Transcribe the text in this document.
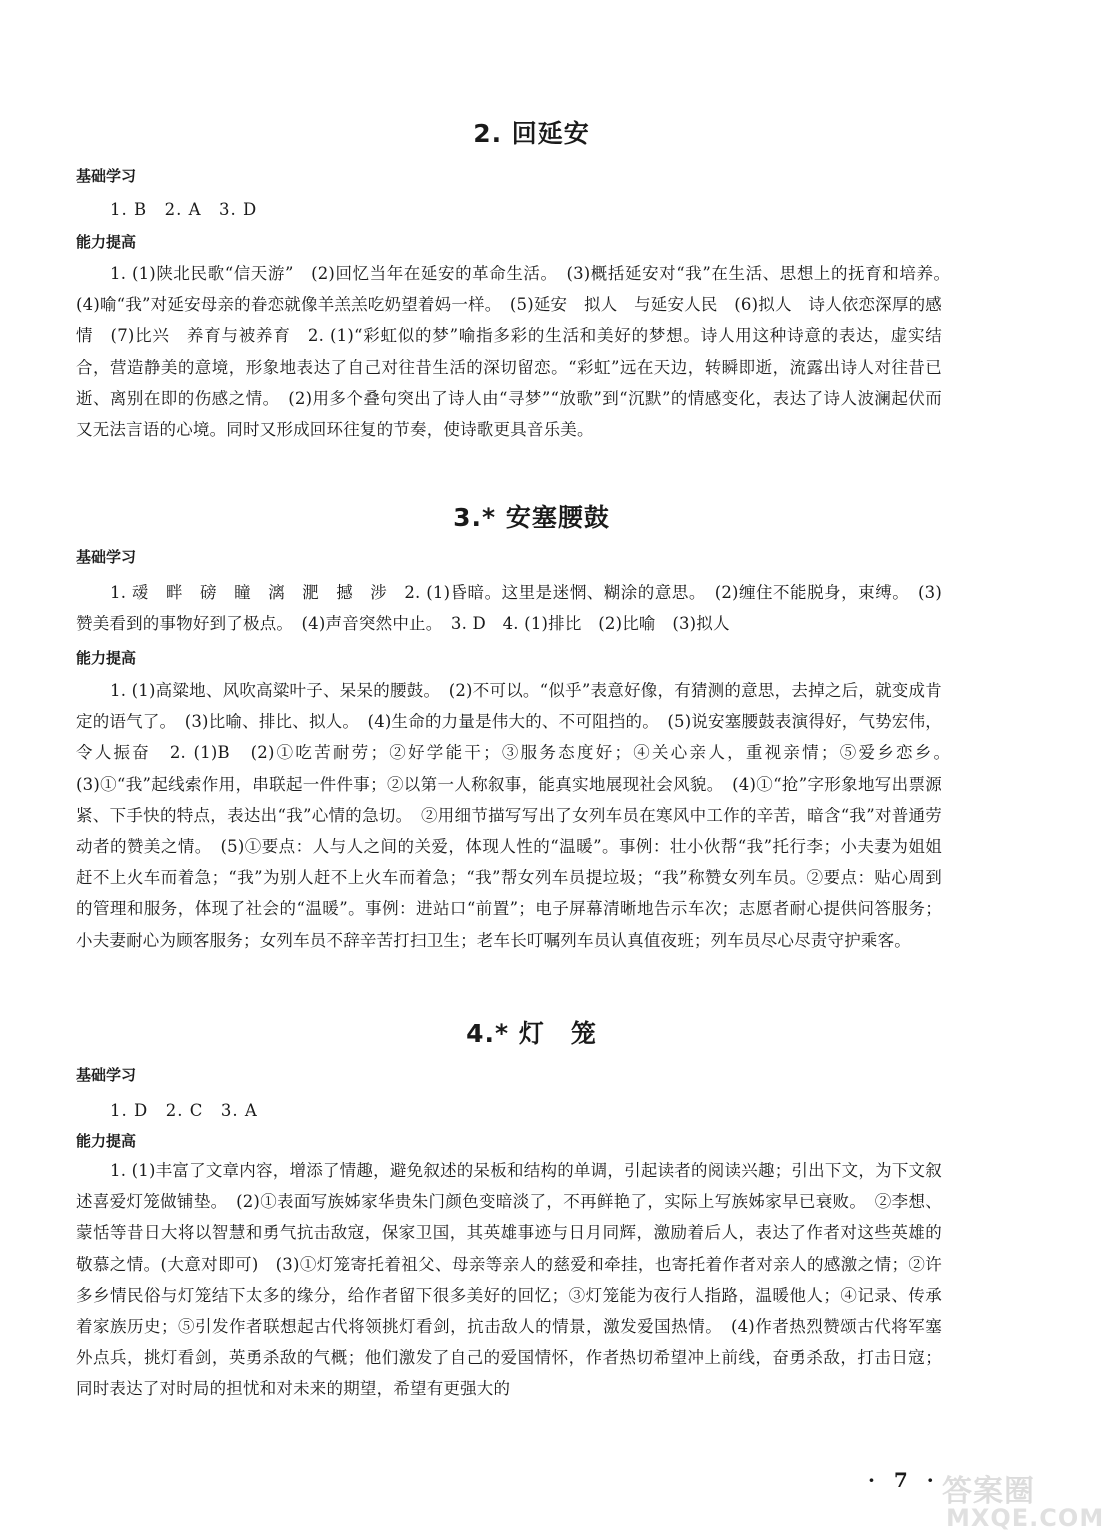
2. 回延安
基础学习
1. B　2. A　3. D
能力提高

1. (1)陕北民歌“信天游”　(2)回忆当年在延安的革命生活。　(3)概括延安对“我”在生活、思想上的抚育和培养。　(4)喻“我”对延安母亲的眷恋就像羊羔羔吃奶望着妈一样。　(5)延安　拟人　与延安人民　(6)拟人　诗人依恋深厚的感情　(7)比兴　养育与被养育　2. (1)“彩虹似的梦”喻指多彩的生活和美好的梦想。诗人用这种诗意的表达，虚实结合，营造静美的意境，形象地表达了自己对往昔生活的深切留恋。“彩虹”远在天边，转瞬即逝，流露出诗人对往昔已逝、离别在即的伤感之情。　(2)用多个叠句突出了诗人由“寻梦”“放歌”到“沉默”的情感变化，表达了诗人波澜起伏而又无法言语的心境。同时又形成回环往复的节奏，使诗歌更具音乐美。

3.* 安塞腰鼓
基础学习

1. 叆　畔　磅　瞳　漓　淝　撼　涉　2. (1)昏暗。这里是迷惘、糊涂的意思。　(2)缠住不能脱身，束缚。　(3)赞美看到的事物好到了极点。　(4)声音突然中止。　3. D　4. (1)排比　(2)比喻　(3)拟人

能力提高

1. (1)高粱地、风吹高粱叶子、呆呆的腰鼓。　(2)不可以。“似乎”表意好像，有猜测的意思，去掉之后，就变成肯定的语气了。　(3)比喻、排比、拟人。　(4)生命的力量是伟大的、不可阻挡的。　(5)说安塞腰鼓表演得好，气势宏伟，令人振奋　2. (1)B　(2)①吃苦耐劳；②好学能干；③服务态度好；④关心亲人，重视亲情；⑤爱乡恋乡。　(3)①“我”起线索作用，串联起一件件事；②以第一人称叙事，能真实地展现社会风貌。　(4)①“抢”字形象地写出票源紧、下手快的特点，表达出“我”心情的急切。　②用细节描写写出了女列车员在寒风中工作的辛苦，暗含“我”对普通劳动者的赞美之情。　(5)①要点：人与人之间的关爱，体现人性的“温暖”。事例：壮小伙帮“我”托行李；小夫妻为姐姐赶不上火车而着急；“我”为别人赶不上火车而着急；“我”帮女列车员提垃圾；“我”称赞女列车员。②要点：贴心周到的管理和服务，体现了社会的“温暖”。事例：进站口“前置”；电子屏幕清晰地告示车次；志愿者耐心提供问答服务；小夫妻耐心为顾客服务；女列车员不辞辛苦打扫卫生；老车长叮嘱列车员认真值夜班；列车员尽心尽责守护乘客。

4.* 灯　笼
基础学习
1. D　2. C　3. A
能力提高

1. (1)丰富了文章内容，增添了情趣，避免叙述的呆板和结构的单调，引起读者的阅读兴趣；引出下文，为下文叙述喜爱灯笼做铺垫。　(2)①表面写族姊家华贵朱门颜色变暗淡了，不再鲜艳了，实际上写族姊家早已衰败。　②李想、蒙恬等昔日大将以智慧和勇气抗击敌寇，保家卫国，其英雄事迹与日月同辉，激励着后人，表达了作者对这些英雄的敬慕之情。(大意对即可)　(3)①灯笼寄托着祖父、母亲等亲人的慈爱和牵挂，也寄托着作者对亲人的感激之情；②许多乡情民俗与灯笼结下太多的缘分，给作者留下很多美好的回忆；③灯笼能为夜行人指路，温暖他人；④记录、传承着家族历史；⑤引发作者联想起古代将领挑灯看剑，抗击敌人的情景，激发爱国热情。　(4)作者热烈赞颂古代将军塞外点兵，挑灯看剑，英勇杀敌的气概；他们激发了自己的爱国情怀，作者热切希望冲上前线，奋勇杀敌，打击日寇；同时表达了对时局的担忧和对未来的期望，希望有更强大的

· 7 · 答案圈
MXQE.COM
